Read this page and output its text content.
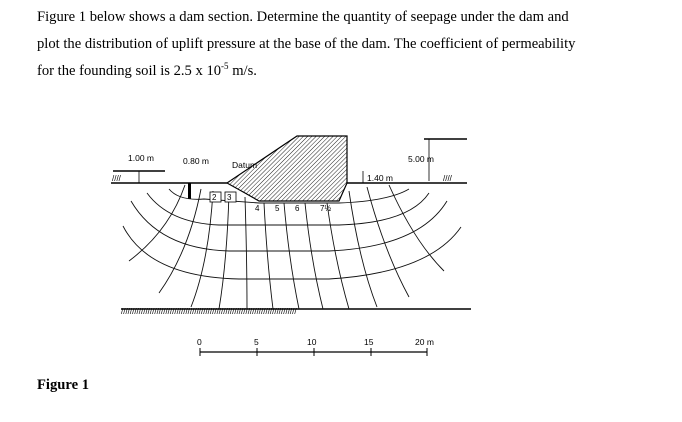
Figure 1 below shows a dam section. Determine the quantity of seepage under the dam and
plot the distribution of uplift pressure at the base of the dam. The coefficient of permeability
for the founding soil is 2.5 x $10^{-5}$ m/s.

////	////
///////////////////////////////////////////////////////////////////////////////
2 3
4 5 6	7½
1.00 m	0.80 m	Datum
5.00 m
1.40 m
0	5	10	15	20 m
Figure 1
